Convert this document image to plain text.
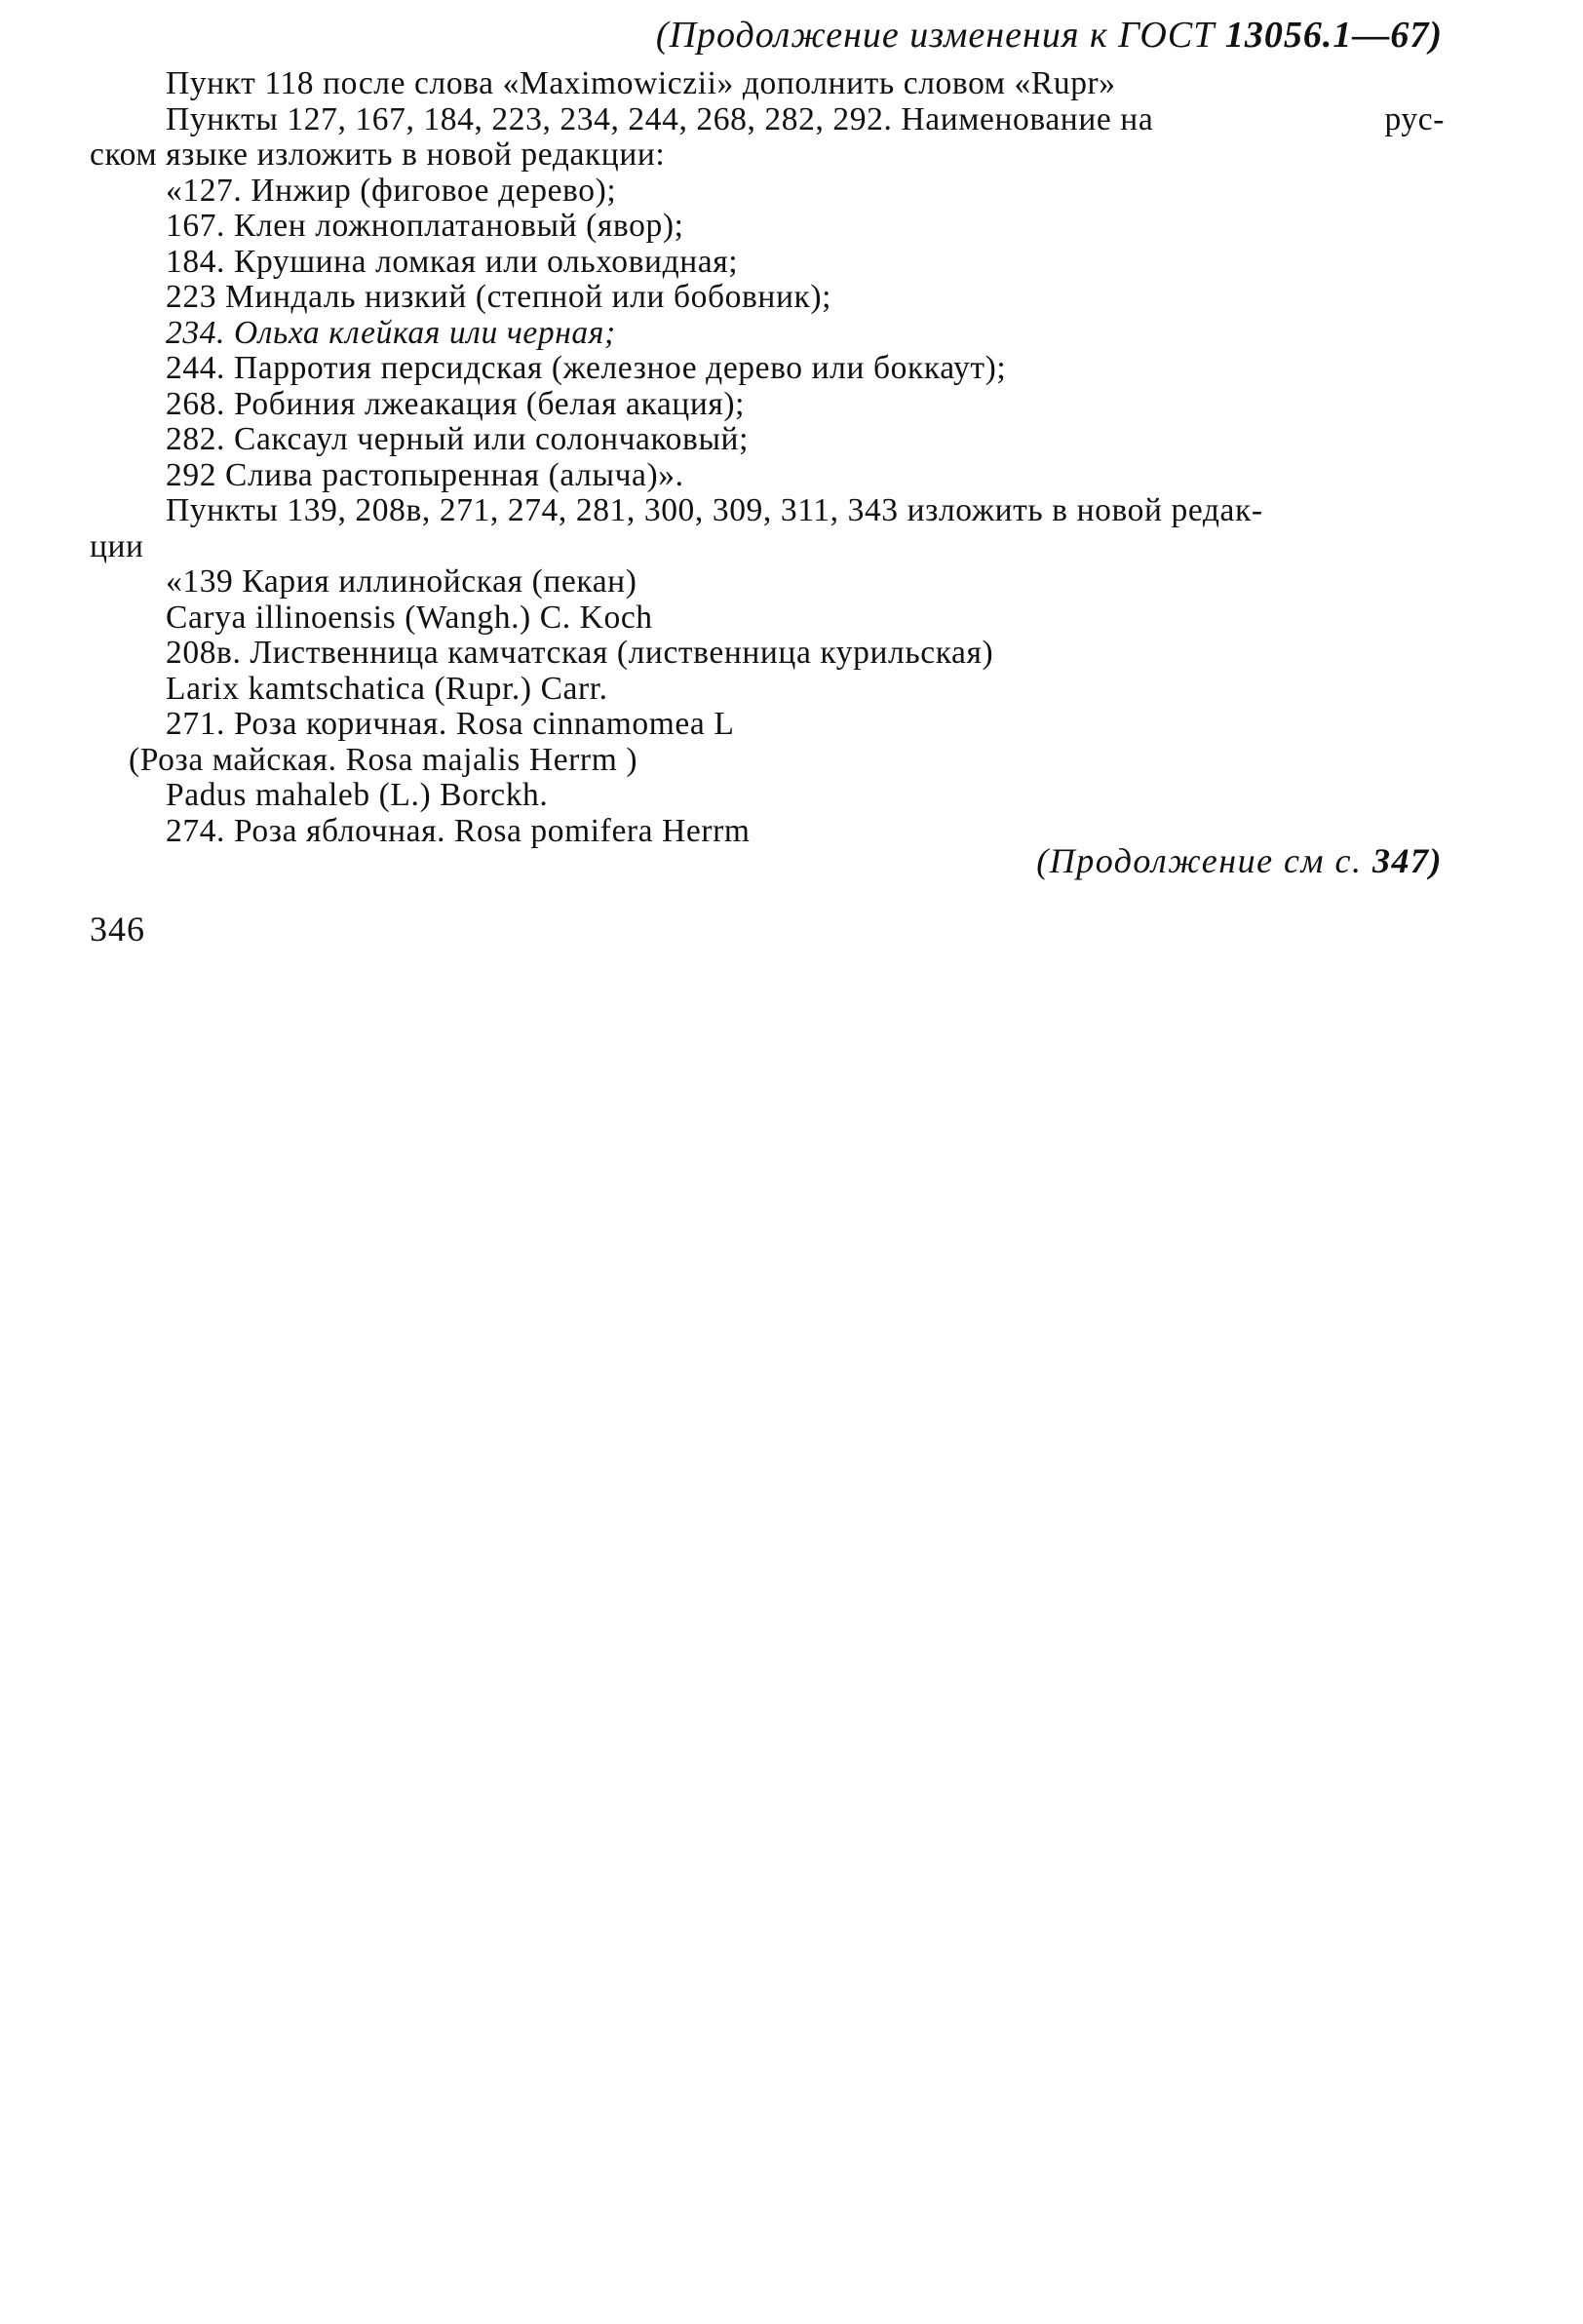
(Продолжение изменения к ГОСТ 13056.1—67)
Пункт 118 после слова «Maximowiczii» дополнить словом «Rupr»
Пункты 127, 167, 184, 223, 234, 244, 268, 282, 292. Наименование на	рус-
ском языке изложить в новой редакции:
«127. Инжир (фиговое дерево);
167. Клен ложноплатановый (явор);
184. Крушина ломкая или ольховидная;
223 Миндаль низкий (степной или бобовник);
234. Ольха клейкая или черная;
244. Парротия персидская (железное дерево или боккаут);
268. Робиния лжеакация (белая акация);
282. Саксаул черный или солончаковый;
292 Слива растопыренная (алыча)».
Пункты 139, 208в, 271, 274, 281, 300, 309, 311, 343 изложить в новой редак-
ции
«139 Кария иллинойская (пекан)
Carya illinoensis (Wangh.) C. Koch
208в. Лиственница камчатская (лиственница курильская)
Larix kamtschatica (Rupr.) Carr.
271. Роза коричная. Rosa cinnamomea L
(Роза майская. Rosa majalis Herrm )
Padus mahaleb (L.) Borckh.
274. Роза яблочная. Rosa pomifera Herrm
(Продолжение см с. 347)
346
